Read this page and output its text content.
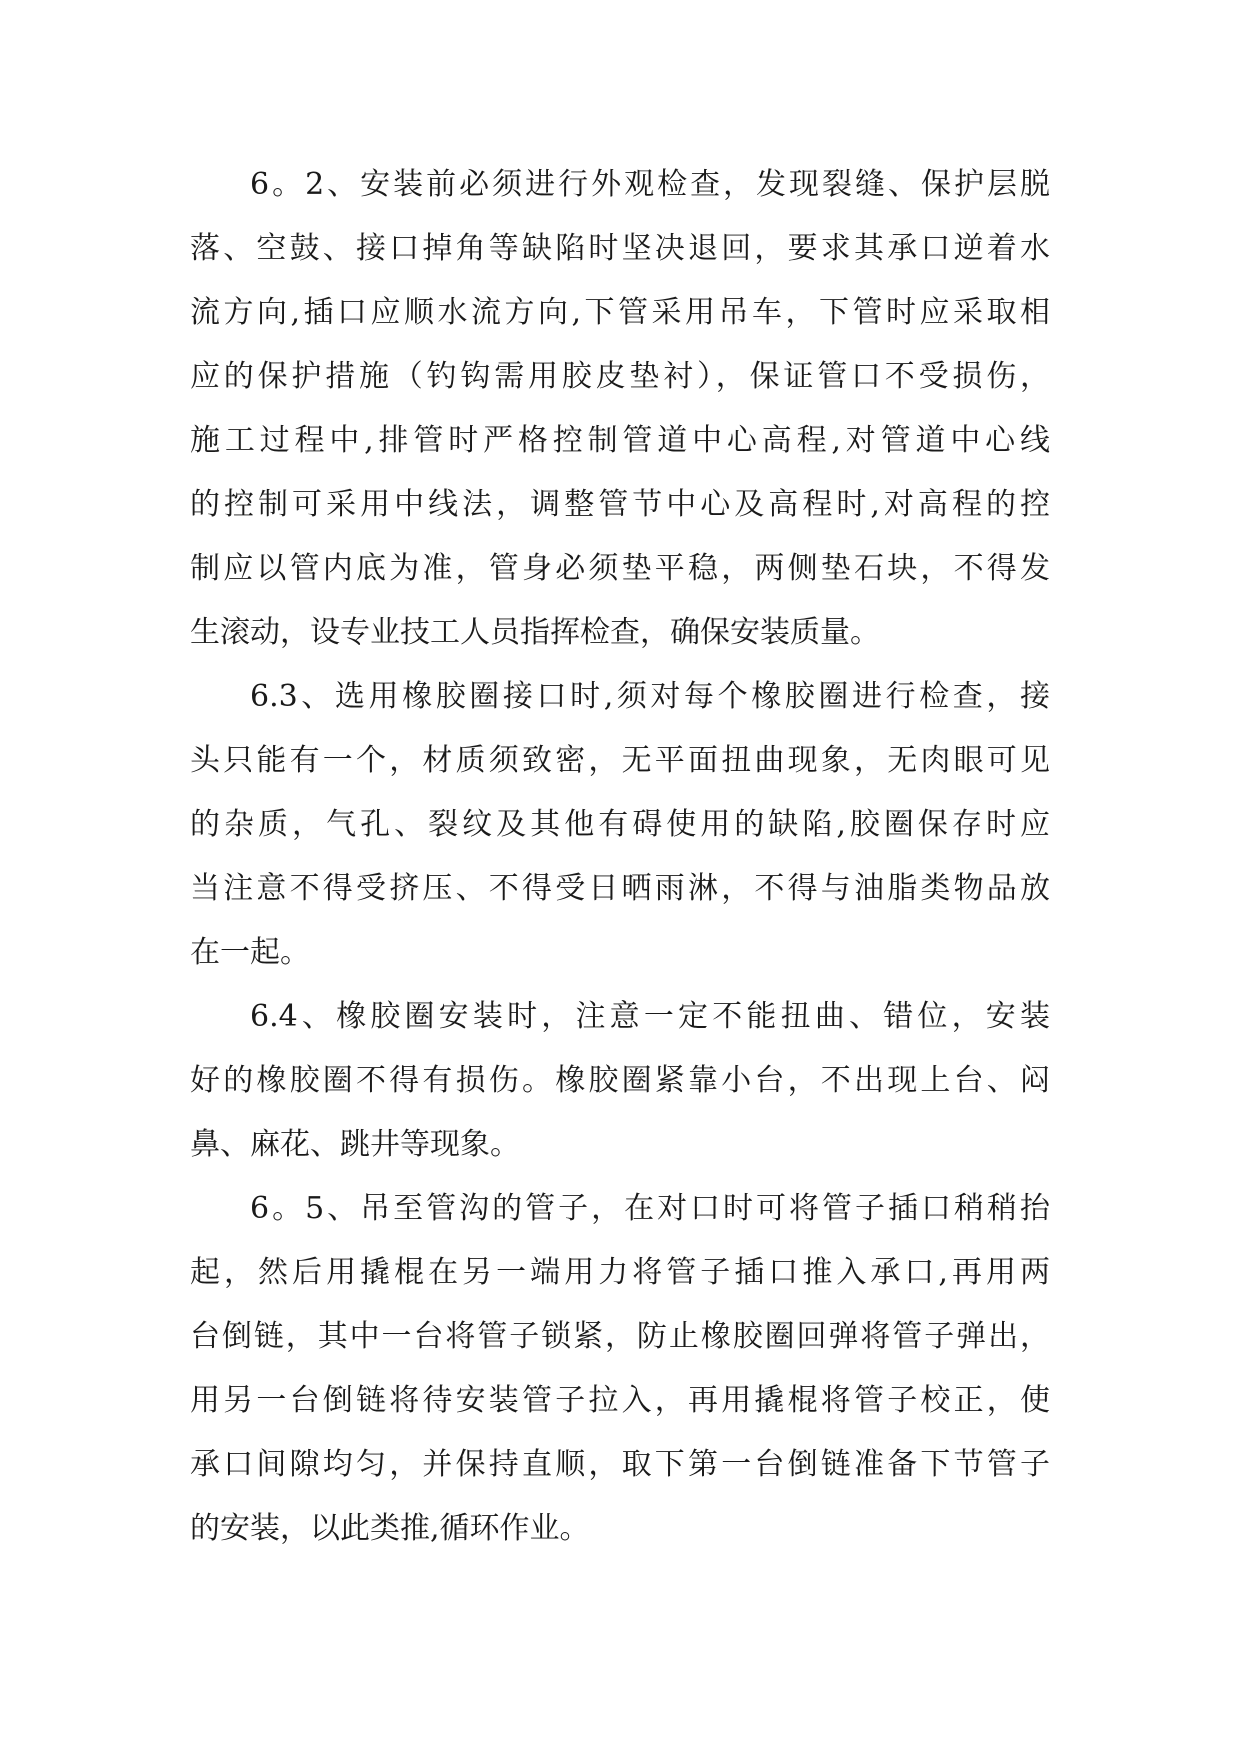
6。2、安装前必须进行外观检查，发现裂缝、保护层脱
落、空鼓、接口掉角等缺陷时坚决退回，要求其承口逆着水
流方向,插口应顺水流方向,下管采用吊车，下管时应采取相
应的保护措施（钓钩需用胶皮垫衬），保证管口不受损伤，
施工过程中,排管时严格控制管道中心高程,对管道中心线
的控制可采用中线法，调整管节中心及高程时,对高程的控
制应以管内底为准，管身必须垫平稳，两侧垫石块，不得发
生滚动，设专业技工人员指挥检查，确保安装质量。
6.3、选用橡胶圈接口时,须对每个橡胶圈进行检查，接
头只能有一个，材质须致密，无平面扭曲现象，无肉眼可见
的杂质，气孔、裂纹及其他有碍使用的缺陷,胶圈保存时应
当注意不得受挤压、不得受日晒雨淋，不得与油脂类物品放
在一起。
6.4、橡胶圈安装时，注意一定不能扭曲、错位，安装
好的橡胶圈不得有损伤。橡胶圈紧靠小台，不出现上台、闷
鼻、麻花、跳井等现象。
6。5、吊至管沟的管子，在对口时可将管子插口稍稍抬
起，然后用撬棍在另一端用力将管子插口推入承口,再用两
台倒链，其中一台将管子锁紧，防止橡胶圈回弹将管子弹出，
用另一台倒链将待安装管子拉入，再用撬棍将管子校正，使
承口间隙均匀，并保持直顺，取下第一台倒链准备下节管子
的安装，以此类推,循环作业。
